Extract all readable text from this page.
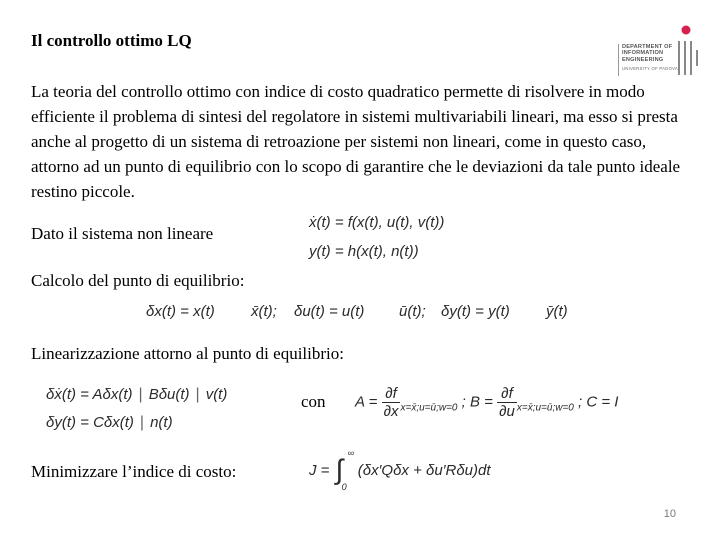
Il controllo ottimo LQ	DEPARTMENT OF
INFORMATION
ENGINEERING
UNIVERSITY OF PADOVA
La teoria del controllo ottimo con indice di costo quadratico permette di risolvere in modo efficiente il problema di sintesi del regolatore in sistemi multivariabili lineari, ma esso si presta anche al progetto di un sistema di retroazione per sistemi non lineari, come in questo caso, attorno ad un punto di equilibrio con lo scopo di garantire che le deviazioni da tale punto ideale restino piccole.
Dato il sistema non lineare
ẋ(t) = f(x(t), u(t), v(t))
y(t) = h(x(t), n(t))
Calcolo del punto di equilibrio:
δx(t) = x(t) x̄(t); δu(t) = u(t) ū(t); δy(t) = y(t) ȳ(t)
Linearizzazione attorno al punto di equilibrio:
δẋ(t) = Aδx(t) | Bδu(t) | v(t)
δy(t) = Cδx(t) | n(t)
con $A = \frac{\partial f}{\partial x} _{x=x̄;u=ū;w=0}$ ; $B = \frac{\partial f}{\partial u} _{x=x̄;u=ū;w=0}$ ; C = I
Minimizzare l’indice di costo:	J = ∫
∞
0
(δx′Qδx + δu′Rδu)dt
10
